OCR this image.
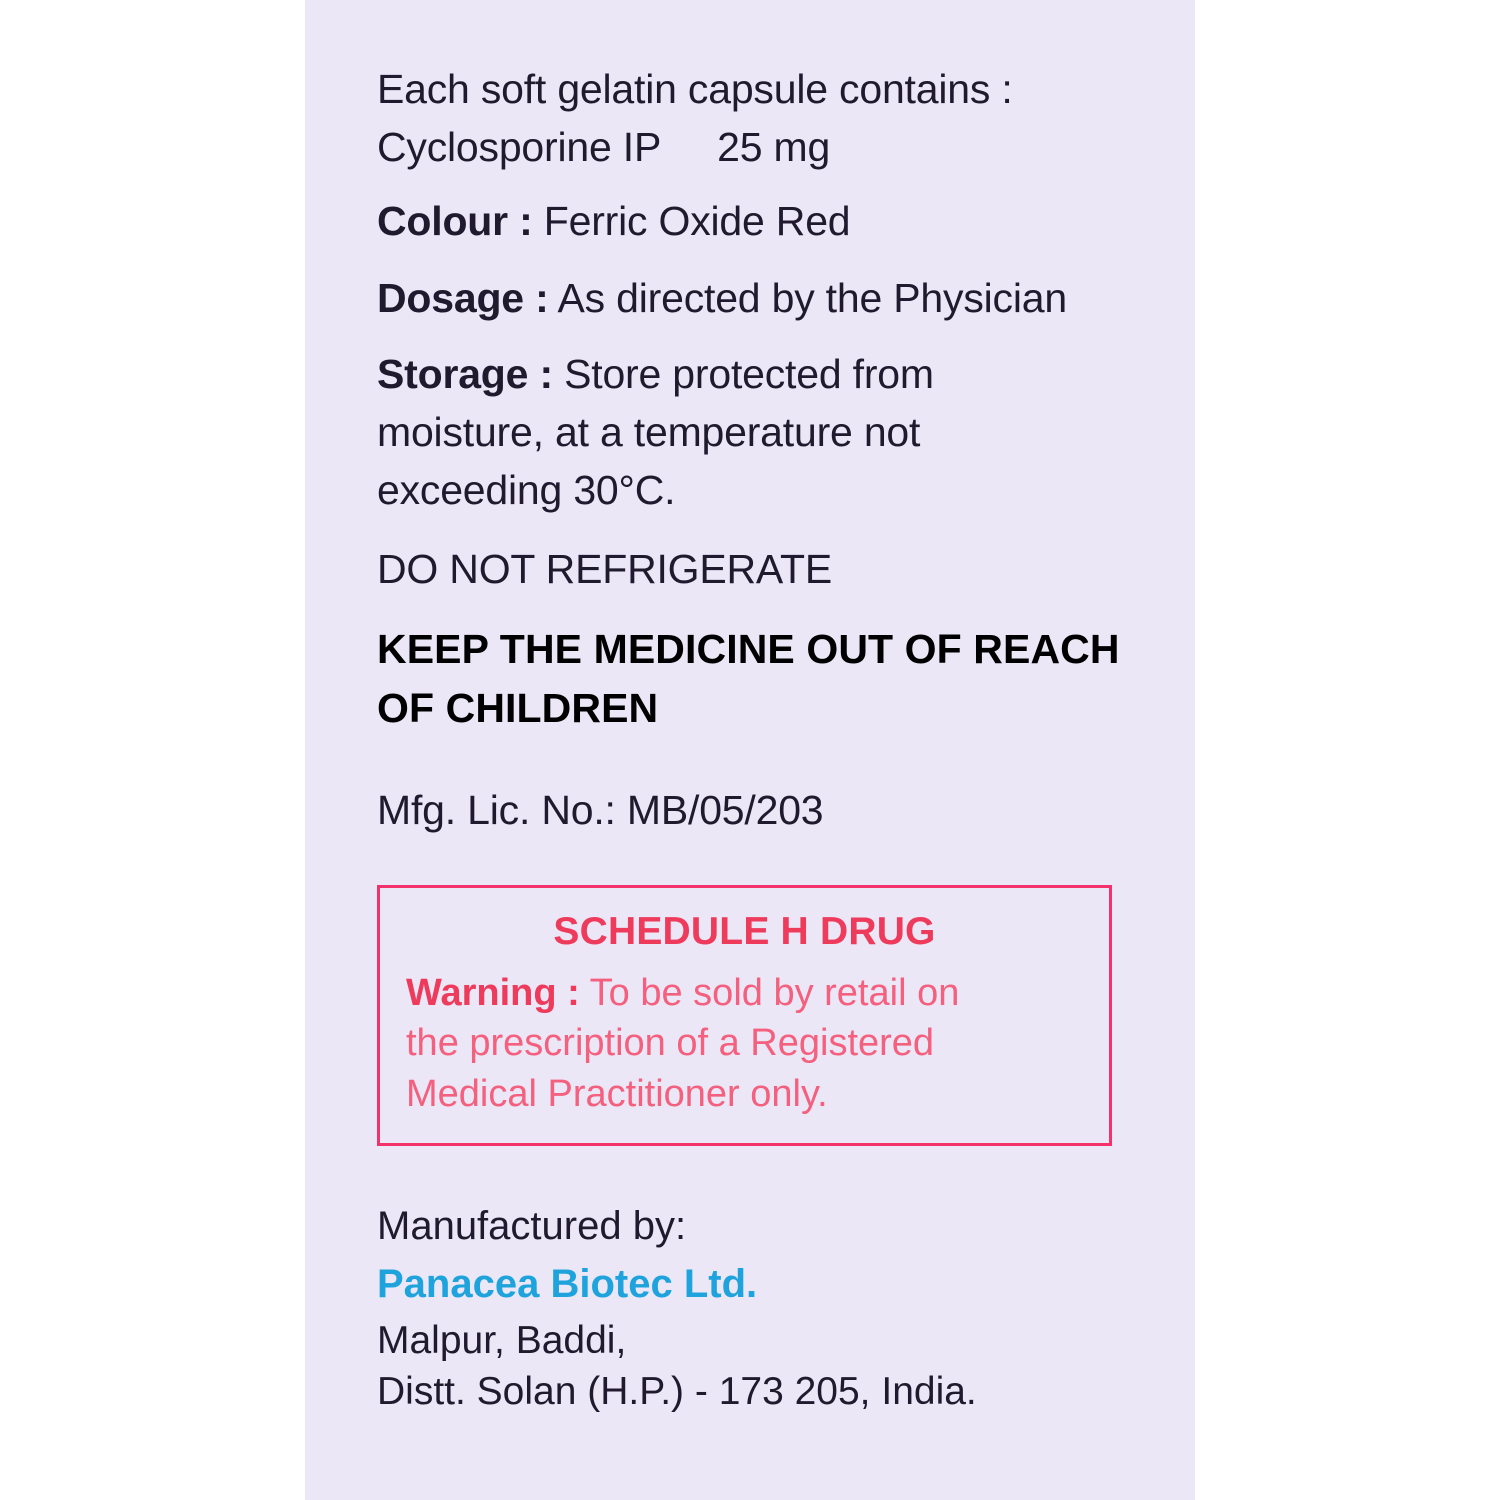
Each soft gelatin capsule contains :
Cyclosporine IP 25 mg
Colour : Ferric Oxide Red
Dosage : As directed by the Physician
Storage : Store protected from
moisture, at a temperature not
exceeding 30°C.
DO NOT REFRIGERATE
KEEP THE MEDICINE OUT OF REACH
OF CHILDREN
Mfg. Lic. No.: MB/05/203
SCHEDULE H DRUG
Warning : To be sold by retail on
the prescription of a Registered
Medical Practitioner only.
Manufactured by:
Panacea Biotec Ltd.
Malpur, Baddi,
Distt. Solan (H.P.) - 173 205, India.
